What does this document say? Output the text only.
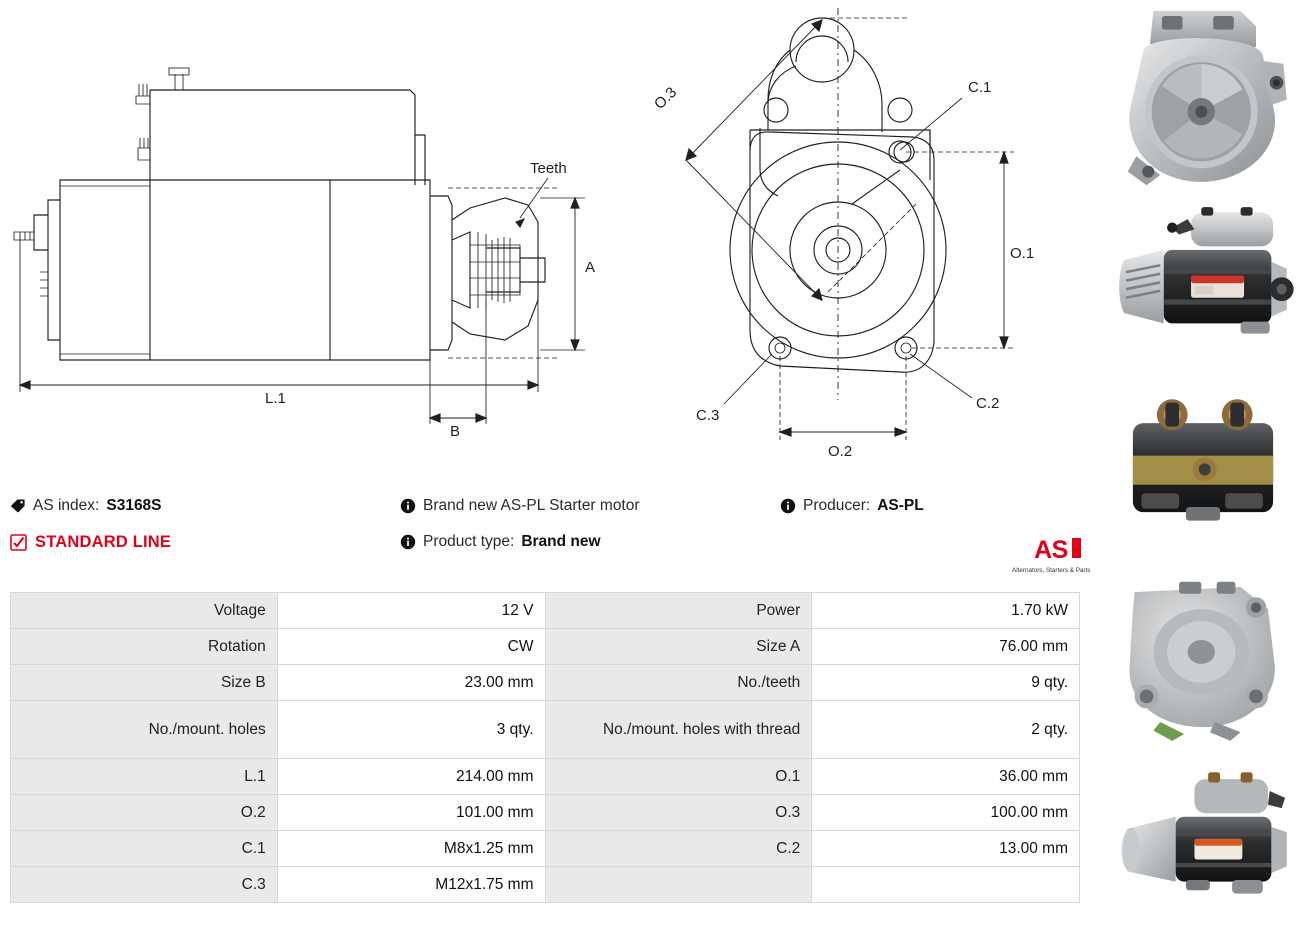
Teeth
A
L.1
B
O.3
O.1
O.2
C.1
C.2
C.3
AS index: S3168S	Brand new AS-PL Starter motor	Producer: AS-PL
STANDARD LINE	Product type: Brand new	AS
Alternators, Starters & Parts
Voltage	12 V	Power	1.70 kW
Rotation	CW	Size A	76.00 mm
Size B	23.00 mm	No./teeth	9 qty.
No./mount. holes	3 qty.	No./mount. holes with thread	2 qty.
L.1	214.00 mm	O.1	36.00 mm
O.2	101.00 mm	O.3	100.00 mm
C.1	M8x1.25 mm	C.2	13.00 mm
C.3	M12x1.75 mm		
